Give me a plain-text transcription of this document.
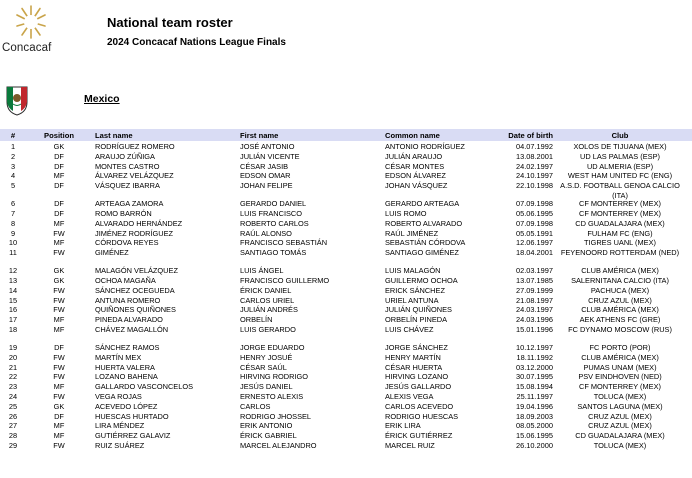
Concacaf
National team roster
2024 Concacaf Nations League Finals
Mexico
#	Position	Last name	First name	Common name	Date of birth	Club
1	GK	RODRÍGUEZ ROMERO	JOSÉ ANTONIO	ANTONIO RODRÍGUEZ	04.07.1992	XOLOS DE TIJUANA (MEX)
2	DF	ARAUJO ZÚÑIGA	JULIÁN VICENTE	JULIÁN ARAUJO	13.08.2001	UD LAS PALMAS (ESP)
3	DF	MONTES CASTRO	CÉSAR JASIB	CÉSAR MONTES	24.02.1997	UD ALMERIA (ESP)
4	MF	ÁLVAREZ VELÁZQUEZ	EDSON OMAR	EDSON ÁLVAREZ	24.10.1997	WEST HAM UNITED FC (ENG)
5	DF	VÁSQUEZ IBARRA	JOHAN FELIPE	JOHAN VÁSQUEZ	22.10.1998 A.S.D. FOOTBALL GENOA CALCIO (ITA)
6	DF	ARTEAGA ZAMORA	GERARDO DANIEL	GERARDO ARTEAGA	07.09.1998	CF MONTERREY (MEX)
7	DF	ROMO BARRÓN	LUIS FRANCISCO	LUIS ROMO	05.06.1995	CF MONTERREY (MEX)
8	MF	ALVARADO HERNÁNDEZ	ROBERTO CARLOS	ROBERTO ALVARADO	07.09.1998	CD GUADALAJARA (MEX)
9	FW	JIMÉNEZ RODRÍGUEZ	RAÚL ALONSO	RAÚL JIMÉNEZ	05.05.1991	FULHAM FC (ENG)
10	MF	CÓRDOVA REYES	FRANCISCO SEBASTIÁN	SEBASTIÁN CÓRDOVA	12.06.1997	TIGRES UANL (MEX)
11	FW	GIMÉNEZ	SANTIAGO TOMÁS	SANTIAGO GIMÉNEZ	18.04.2001	FEYENOORD ROTTERDAM (NED)
12	GK	MALAGÓN VELÁZQUEZ	LUIS ÁNGEL	LUIS MALAGÓN	02.03.1997	CLUB AMÉRICA (MEX)
13	GK	OCHOA MAGAÑA	FRANCISCO GUILLERMO	GUILLERMO OCHOA	13.07.1985	SALERNITANA CALCIO (ITA)
14	FW	SÁNCHEZ OCEGUEDA	ÉRICK DANIEL	ERICK SÁNCHEZ	27.09.1999	PACHUCA (MEX)
15	FW	ANTUNA ROMERO	CARLOS URIEL	URIEL ANTUNA	21.08.1997	CRUZ AZUL (MEX)
16	FW	QUIÑONES QUIÑONES	JULIÁN ANDRÉS	JULIÁN QUIÑONES	24.03.1997	CLUB AMÉRICA (MEX)
17	MF	PINEDA ALVARADO	ORBELÍN	ORBELÍN PINEDA	24.03.1996	AEK ATHENS FC (GRE)
18	MF	CHÁVEZ MAGALLÓN	LUIS GERARDO	LUIS CHÁVEZ	15.01.1996	FC DYNAMO MOSCOW (RUS)
19	DF	SÁNCHEZ RAMOS	JORGE EDUARDO	JORGE SÁNCHEZ	10.12.1997	FC PORTO (POR)
20	FW	MARTÍN MEX	HENRY JOSUÉ	HENRY MARTÍN	18.11.1992	CLUB AMÉRICA (MEX)
21	FW	HUERTA VALERA	CÉSAR SAÚL	CÉSAR HUERTA	03.12.2000	PUMAS UNAM (MEX)
22	FW	LOZANO BAHENA	HIRVING RODRIGO	HIRVING LOZANO	30.07.1995	PSV EINDHOVEN (NED)
23	MF	GALLARDO VASCONCELOS	JESÚS DANIEL	JESÚS GALLARDO	15.08.1994	CF MONTERREY (MEX)
24	FW	VEGA ROJAS	ERNESTO ALEXIS	ALEXIS VEGA	25.11.1997	TOLUCA (MEX)
25	GK	ACEVEDO LÓPEZ	CARLOS	CARLOS ACEVEDO	19.04.1996	SANTOS LAGUNA (MEX)
26	DF	HUESCAS HURTADO	RODRIGO JHOSSEL	RODRIGO HUESCAS	18.09.2003	CRUZ AZUL (MEX)
27	MF	LIRA MÉNDEZ	ERIK ANTONIO	ERIK LIRA	08.05.2000	CRUZ AZUL (MEX)
28	MF	GUTIÉRREZ GALAVIZ	ÉRICK GABRIEL	ÉRICK GUTIÉRREZ	15.06.1995	CD GUADALAJARA (MEX)
29	FW	RUIZ SUÁREZ	MARCEL ALEJANDRO	MARCEL RUIZ	26.10.2000	TOLUCA (MEX)
